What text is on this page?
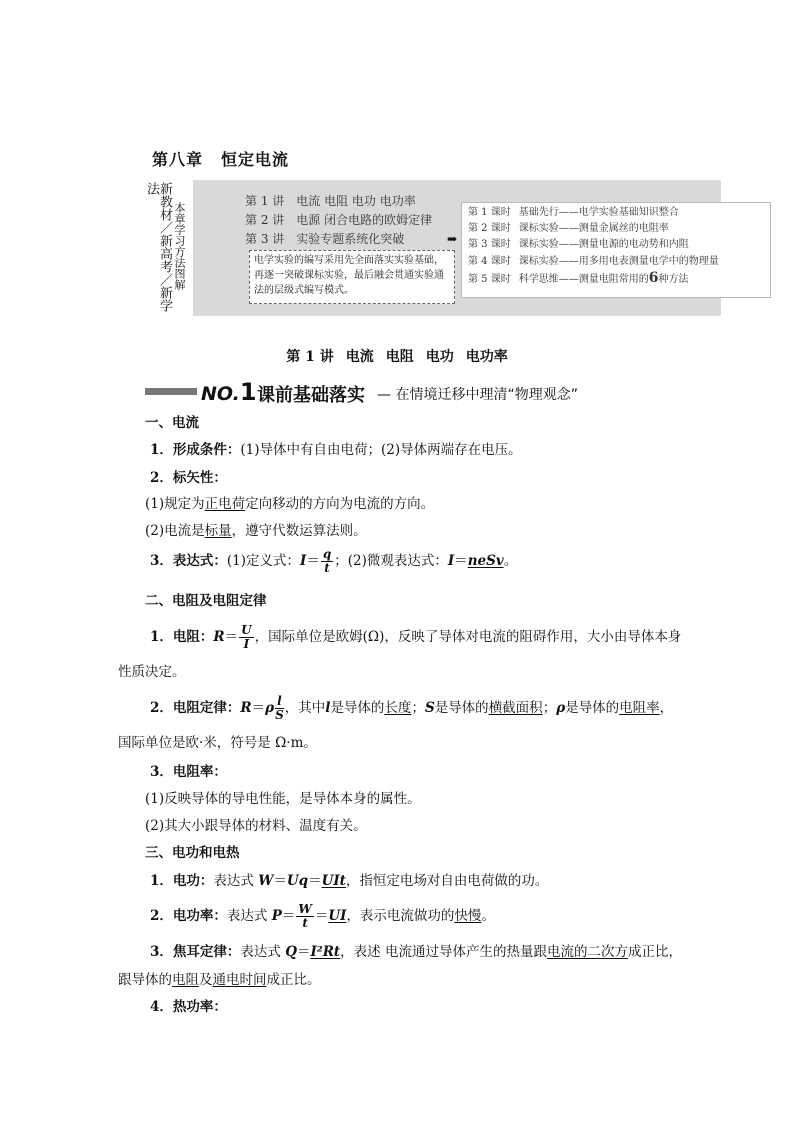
第八章 恒定电流
新教材／新高考／新学法
本章学习方法图解
第 1 讲 电流 电阻 电功 电功率
第 2 讲 电源 闭合电路的欧姆定律
第 3 讲 实验专题系统化突破
电学实验的编写采用先全面落实实验基础，再逐一突破课标实验，最后融会贯通实验通法的层级式编写模式。
➡
第 1 课时 基础先行——电学实验基础知识整合
第 2 课时 课标实验——测量金属丝的电阻率
第 3 课时 课标实验——测量电源的电动势和内阻
第 4 课时 课标实验——用多用电表测量电学中的物理量
第 5 课时 科学思维——测量电阻常用的6种方法
第 1 讲 电流 电阻 电功 电功率
NO.1 课前基础落实 — 在情境迁移中理清“物理观念”
一、电流
1．形成条件：(1)导体中有自由电荷；(2)导体两端存在电压。
2．标矢性：
(1)规定为正电荷定向移动的方向为电流的方向。
(2)电流是标量，遵守代数运算法则。
3．表达式：(1)定义式：$I= \frac{q}{t}$ ；(2)微观表达式：I＝neSv。
二、电阻及电阻定律
1．电阻：$R= \frac{U}{I}$ ，国际单位是欧姆(Ω)，反映了导体对电流的阻碍作用，大小由导体本身
性质决定。
2．电阻定律：$R=\rho \frac{l}{S}$ ，其中l是导体的长度；S是导体的横截面积；ρ是导体的电阻率，
国际单位是欧·米，符号是 Ω·m。
3．电阻率：
(1)反映导体的导电性能，是导体本身的属性。
(2)其大小跟导体的材料、温度有关。
三、电功和电热
1．电功：表达式 W＝Uq＝UIt，指恒定电场对自由电荷做的功。
2．电功率：表达式 $P= \frac{W}{t} =UI$，表示电流做功的快慢。
3．焦耳定律：表达式 Q＝I²Rt，表述 电流通过导体产生的热量跟电流的二次方成正比，
跟导体的电阻及通电时间成正比。
4．热功率：
